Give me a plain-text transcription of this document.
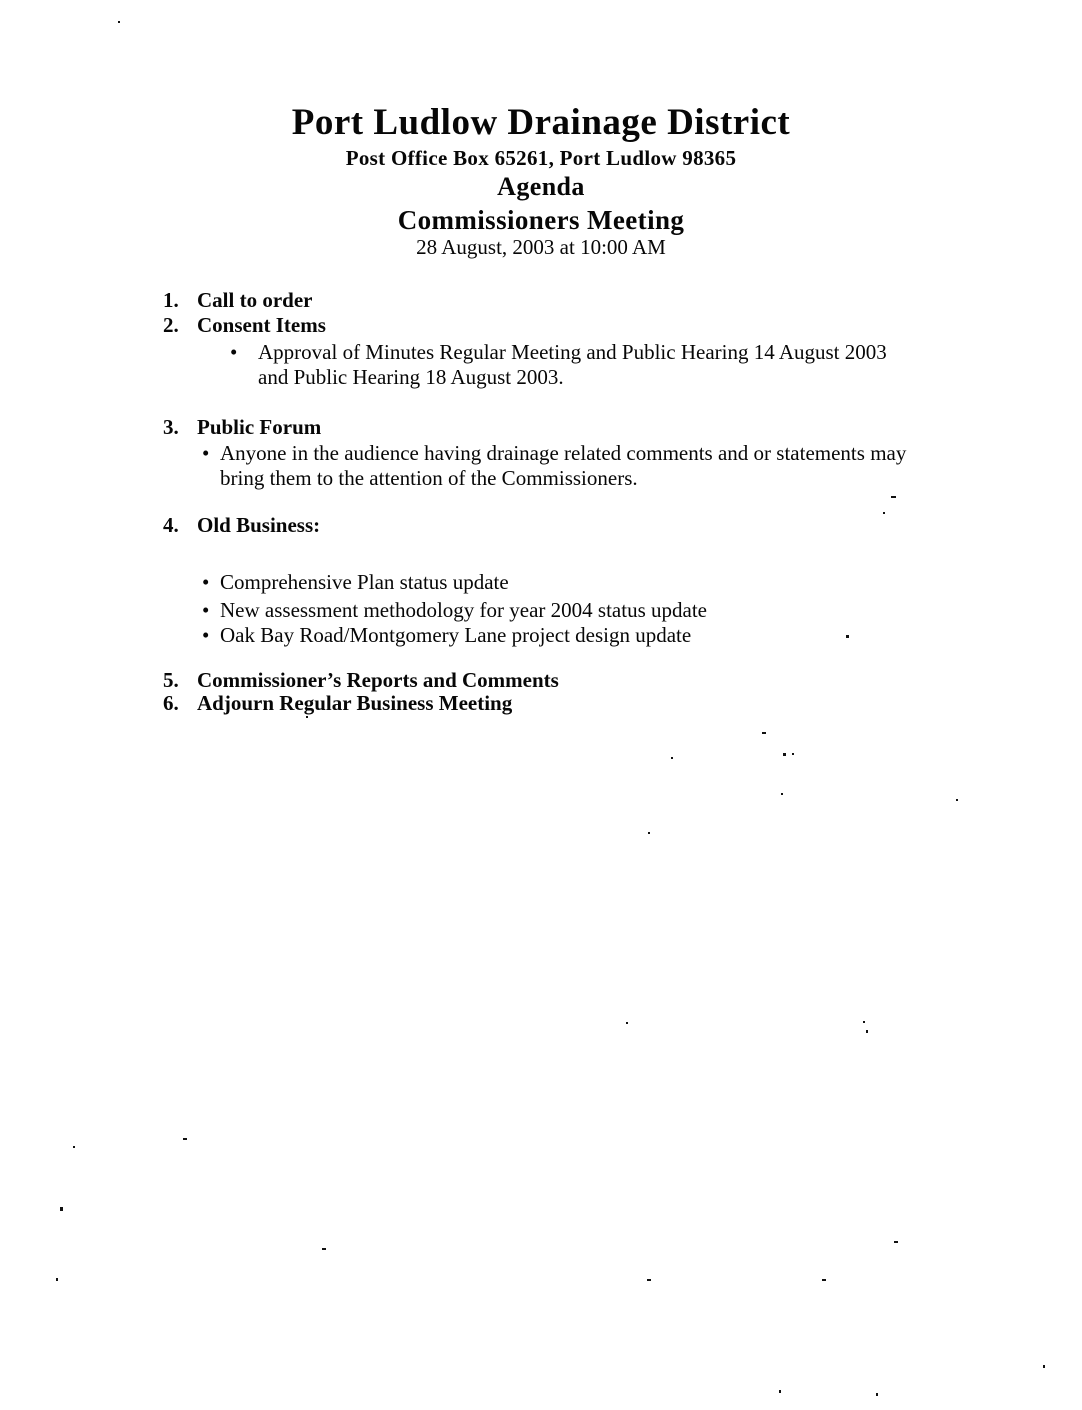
Port Ludlow Drainage District
Post Office Box 65261, Port Ludlow 98365
Agenda
Commissioners Meeting
28 August, 2003 at 10:00 AM
1. Call to order
2. Consent Items
•
Approval of Minutes Regular Meeting and Public Hearing 14 August 2003
and Public Hearing 18 August 2003.
3. Public Forum
•
Anyone in the audience having drainage related comments and or statements may
bring them to the attention of the Commissioners.
4. Old Business:
•
Comprehensive Plan status update
•
New assessment methodology for year 2004 status update
•
Oak Bay Road/Montgomery Lane project design update
5. Commissioner’s Reports and Comments
6. Adjourn Regular Business Meeting
